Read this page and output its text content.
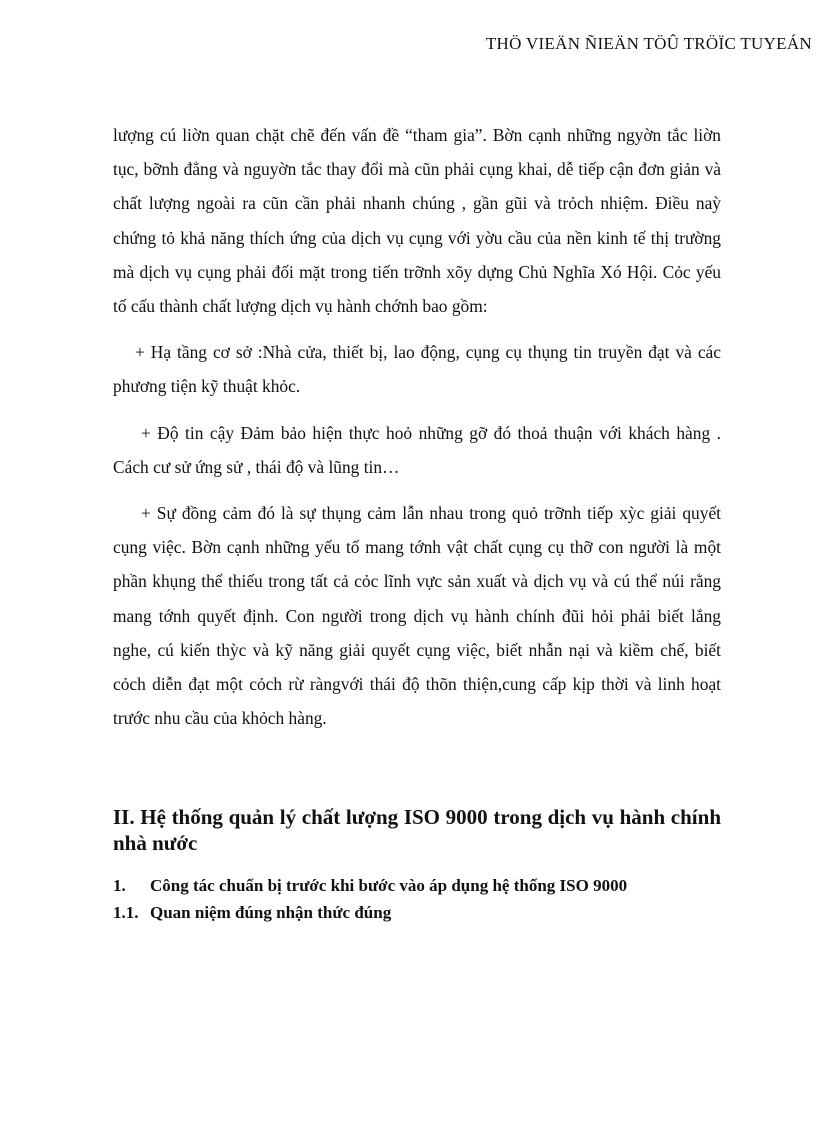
THÖ VIEÄN ÑIEÄN TÖÛ TRÖÏC TUYEÁN

lượng cú liờn quan chặt chẽ đến vấn đề “tham gia”. Bờn cạnh những ngyờn tắc liờn tục, bỡnh đẳng và nguyờn tắc thay đổi mà cũn phải cụng khai, dễ tiếp cận đơn giản và chất lượng ngoài ra cũn cần phải nhanh chúng , gần gũi và trỏch nhiệm. Điều naỳ chứng tỏ khả năng thích ứng của dịch vụ cụng với yờu cầu của nền kinh tế thị trường mà dịch vụ cụng phải đối mặt trong tiến trỡnh xõy dựng Chủ Nghĩa Xó Hội. Cỏc yếu tố cấu thành chất lượng dịch vụ hành chớnh bao gồm:

+ Hạ tầng cơ sở :Nhà cửa, thiết bị, lao động, cụng cụ thụng tin truyền đạt và các phương tiện kỹ thuật khỏc.

+ Độ tin cậy Đảm bảo hiện thực hoỏ những gỡ đó thoả thuận với khách hàng . Cách cư sử ứng sử , thái độ và lũng tin…

+ Sự đồng cảm đó là sự thụng cảm lẫn nhau trong quỏ trỡnh tiếp xỳc giải quyết cụng việc. Bờn cạnh những yếu tố mang tớnh vật chất cụng cụ thỡ con người là một phần khụng thể thiếu trong tất cả cỏc lĩnh vực sản xuất và dịch vụ và cú thể núi rằng mang tớnh quyết định. Con người trong dịch vụ hành chính đũi hỏi phải biết lắng nghe, cú kiến thỳc và kỹ năng giải quyết cụng việc, biết nhẫn nại và kiềm chế, biết cỏch diễn đạt một cỏch rừ ràngvới thái độ thõn thiện,cung cấp kịp thời và linh hoạt trước nhu cầu của khỏch hàng.

II. Hệ thống quản lý chất lượng ISO 9000 trong dịch vụ hành chính nhà nước
1. Công tác chuẩn bị trước khi bước vào áp dụng hệ thống ISO 9000
1.1. Quan niệm đúng nhận thức đúng
